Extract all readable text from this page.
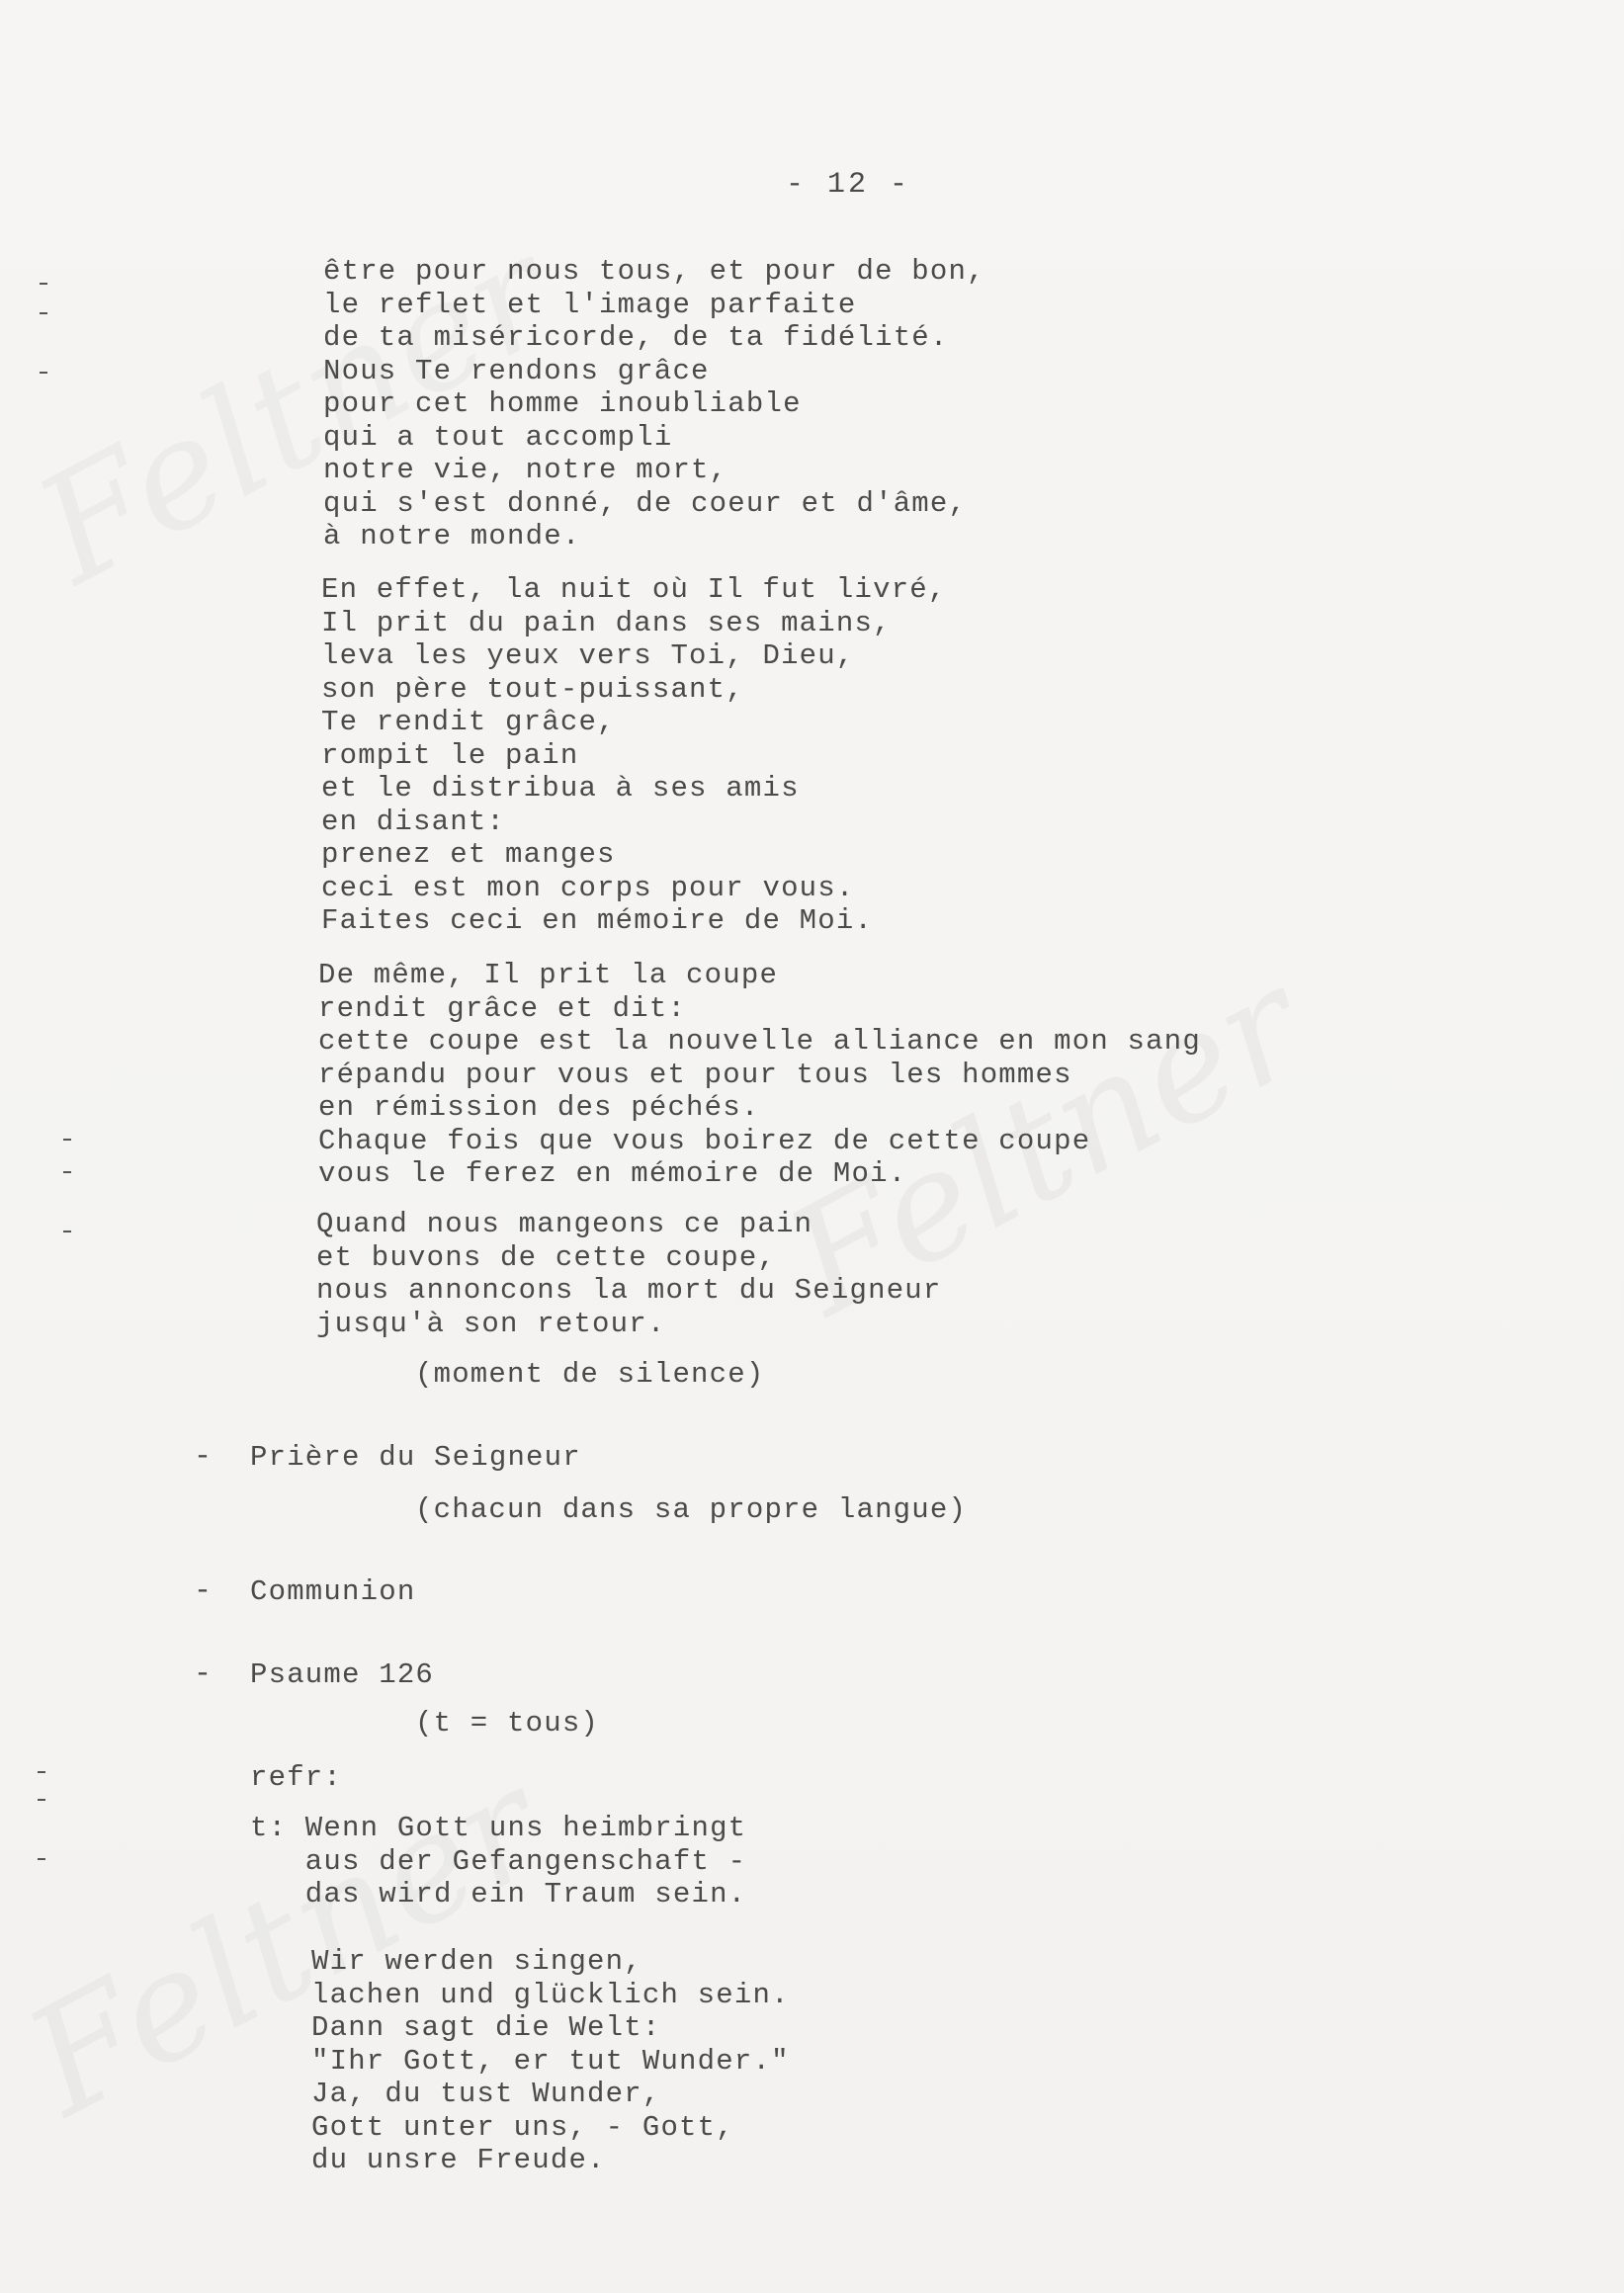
- 12 -
être pour nous tous, et pour de bon,
le reflet et l'image parfaite
de ta miséricorde, de ta fidélité.
Nous Te rendons grâce
pour cet homme inoubliable
qui a tout accompli
notre vie, notre mort,
qui s'est donné, de coeur et d'âme,
à notre monde.
En effet, la nuit où Il fut livré,
Il prit du pain dans ses mains,
leva les yeux vers Toi, Dieu,
son père tout-puissant,
Te rendit grâce,
rompit le pain
et le distribua à ses amis
en disant:
prenez et manges
ceci est mon corps pour vous.
Faites ceci en mémoire de Moi.
De même, Il prit la coupe
rendit grâce et dit:
cette coupe est la nouvelle alliance en mon sang
répandu pour vous et pour tous les hommes
en rémission des péchés.
Chaque fois que vous boirez de cette coupe
vous le ferez en mémoire de Moi.
Quand nous mangeons ce pain
et buvons de cette coupe,
nous annoncons la mort du Seigneur
jusqu'à son retour.
(moment de silence)
- Prière du Seigneur
(chacun dans sa propre langue)
- Communion
- Psaume 126
(t = tous)
refr:
t: Wenn Gott uns heimbringt
aus der Gefangenschaft -
das wird ein Traum sein.
Wir werden singen,
lachen und glücklich sein.
Dann sagt die Welt:
"Ihr Gott, er tut Wunder."
Ja, du tust Wunder,
Gott unter uns, - Gott,
du unsre Freude.
